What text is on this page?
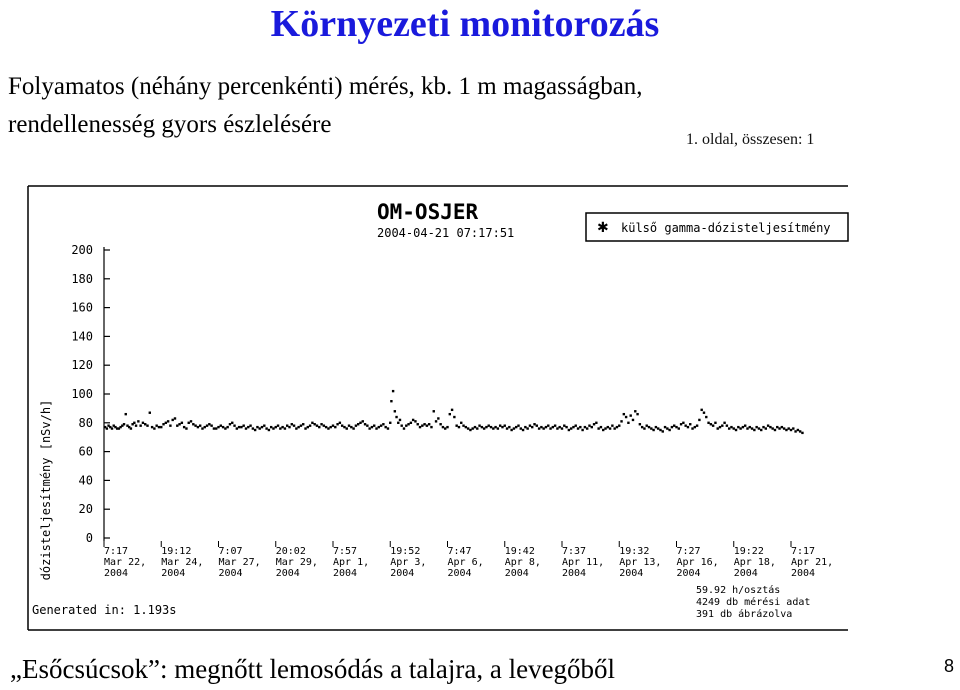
Környezeti monitorozás
Folyamatos (néhány percenkénti) mérés, kb. 1 m magasságban,
rendellenesség gyors észlelésére
1. oldal, összesen: 1
OM-OSJER
2004-04-21 07:17:51	✱ külső gamma-dózisteljesítmény
dózisteljesítmény [nSv/h]	0
20
40
60
80
100
120
140
160
180
200
7:17
Mar 22,
2004
19:12
Mar 24,
2004
7:07
Mar 27,
2004
20:02
Mar 29,
2004
7:57
Apr 1,
2004
19:52
Apr 3,
2004
7:47
Apr 6,
2004
19:42
Apr 8,
2004
7:37
Apr 11,
2004
19:32
Apr 13,
2004
7:27
Apr 16,
2004
19:22
Apr 18,
2004
7:17
Apr 21,
2004
Generated in: 1.193s
59.92 h/osztás
4249 db mérési adat
391 db ábrázolva
„Esőcsúcsok”: megnőtt lemosódás a talajra, a levegőből	8
